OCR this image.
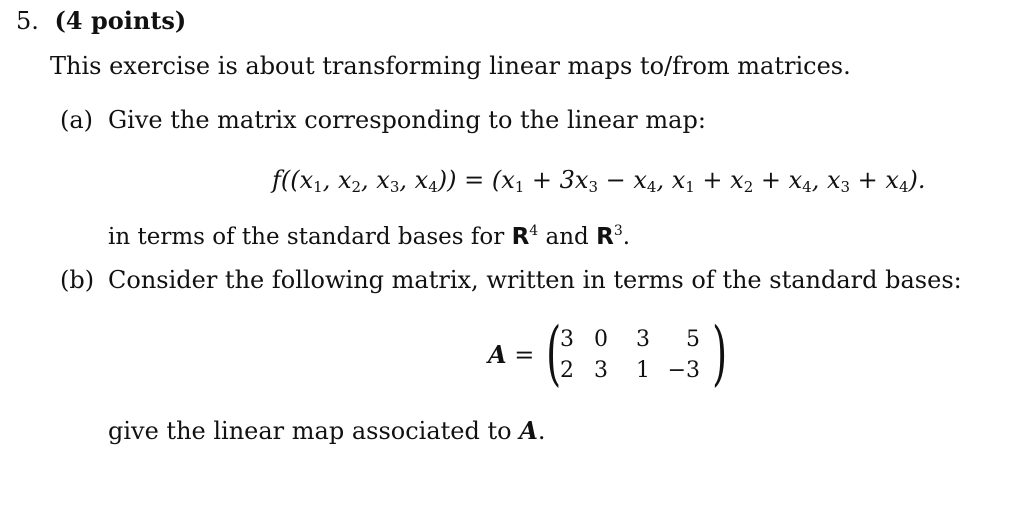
5. (4 points)
This exercise is about transforming linear maps to/from matrices.
(a) Give the matrix corresponding to the linear map:
$f((x_1$, $x_2$, $x_3$, $x_4)) = (x_1 + 3x_3 - x_4$, $x_1 + x_2 + x_4$, $x_3 + x_4$).
in terms of the standard bases for $R^4$ and $R^3$.
(b) Consider the following matrix, written in terms of the standard bases:
A = (
3 0	3	5
2 3	1 −3 )
give the linear map associated to A.
